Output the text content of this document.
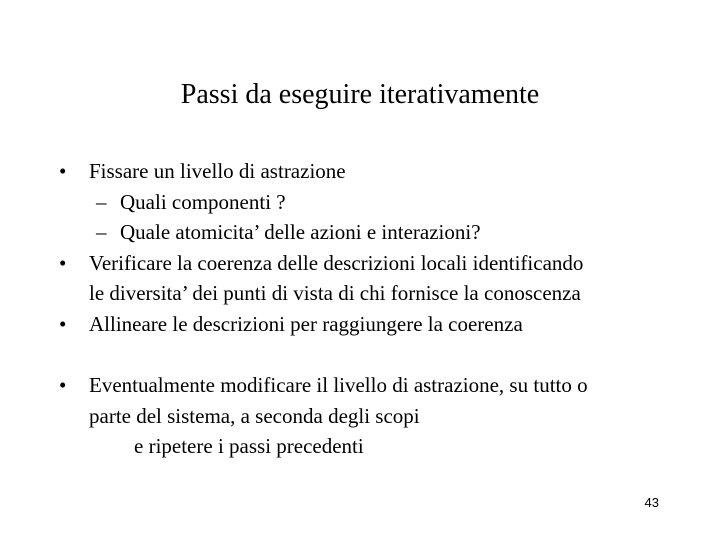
Passi da eseguire iterativamente
• Fissare un livello di astrazione
– Quali componenti ?
– Quale atomicita’ delle azioni e interazioni?
• Verificare la coerenza delle descrizioni locali identificando
le diversita’ dei punti di vista di chi fornisce la conoscenza
• Allineare le descrizioni per raggiungere la coerenza
• Eventualmente modificare il livello di astrazione, su tutto o
parte del sistema, a seconda degli scopi
e ripetere i passi precedenti
43
